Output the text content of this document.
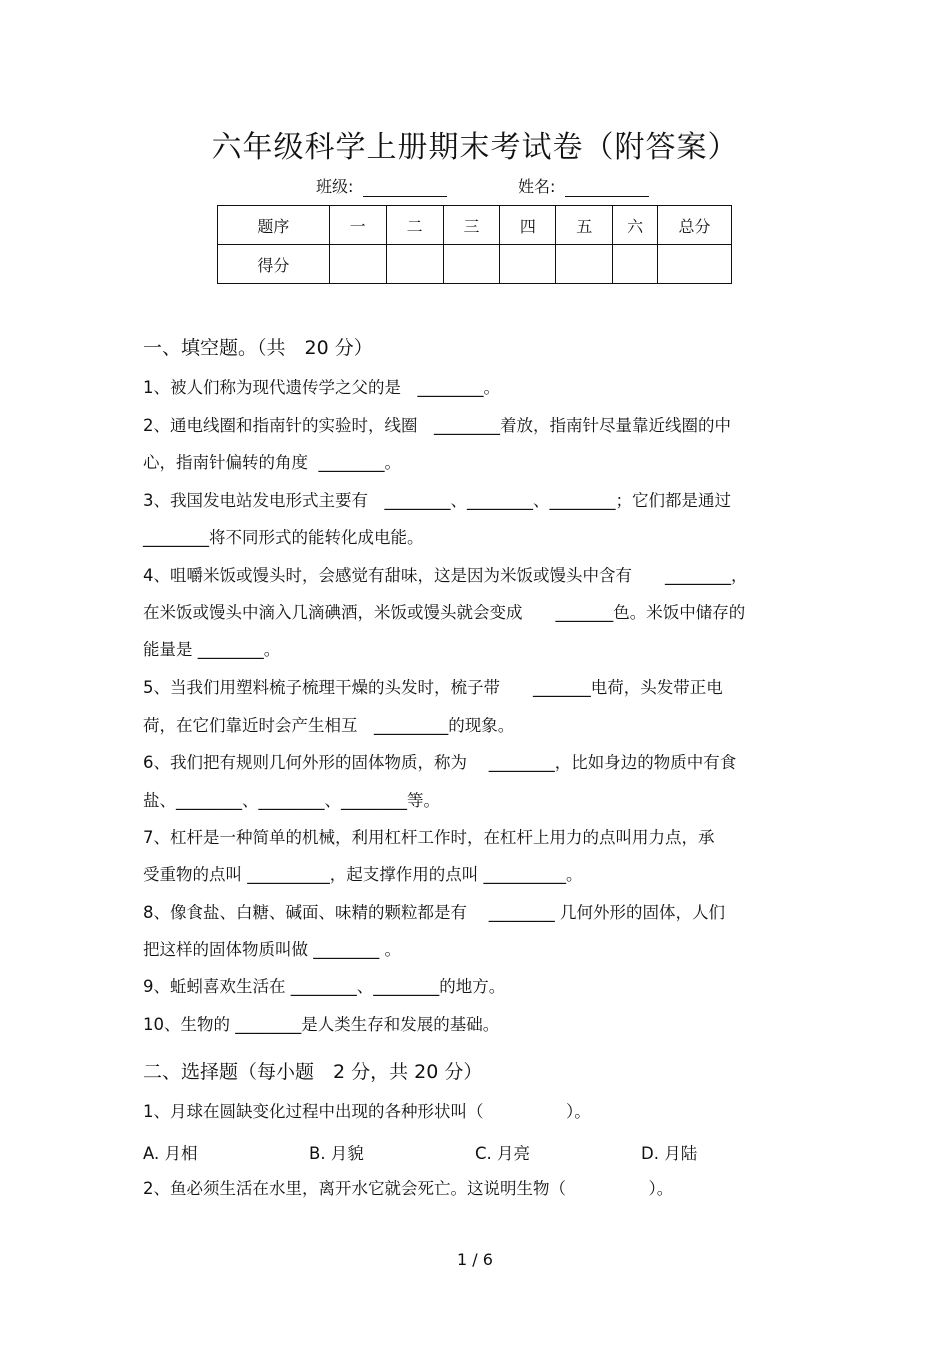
六年级科学上册期末考试卷（附答案）
班级:	姓名:
题序	一	二	三	四	五	六	总分
得分							
一、填空题。（共　20 分）
1、被人们称为现代遗传学之父的是　________。
2、通电线圈和指南针的实验时，线圈　________着放，指南针尽量靠近线圈的中
心，指南针偏转的角度  ________。
3、我国发电站发电形式主要有　________、________、________；它们都是通过
________将不同形式的能转化成电能。
4、咀嚼米饭或馒头时，会感觉有甜味，这是因为米饭或馒头中含有　　________，
在米饭或馒头中滴入几滴碘酒，米饭或馒头就会变成　　_______色。米饭中储存的
能量是 ________。
5、当我们用塑料梳子梳理干燥的头发时，梳子带　　_______电荷，头发带正电
荷，在它们靠近时会产生相互　_________的现象。
6、我们把有规则几何外形的固体物质，称为　 ________，比如身边的物质中有食
盐、________、________、________等。
7、杠杆是一种简单的机械，利用杠杆工作时，在杠杆上用力的点叫用力点，承
受重物的点叫 __________，起支撑作用的点叫 __________。
8、像食盐、白糖、碱面、味精的颗粒都是有　 ________ 几何外形的固体，人们
把这样的固体物质叫做 ________ 。
9、蚯蚓喜欢生活在 ________、________的地方。
10、生物的 ________是人类生存和发展的基础。
二、选择题（每小题　2 分，共 20 分）
1、月球在圆缺变化过程中出现的各种形状叫（　　　　　）。
A. 月相	B. 月貌	C. 月亮	D. 月陆
2、鱼必须生活在水里，离开水它就会死亡。这说明生物（　　　　　）。
1 / 6
